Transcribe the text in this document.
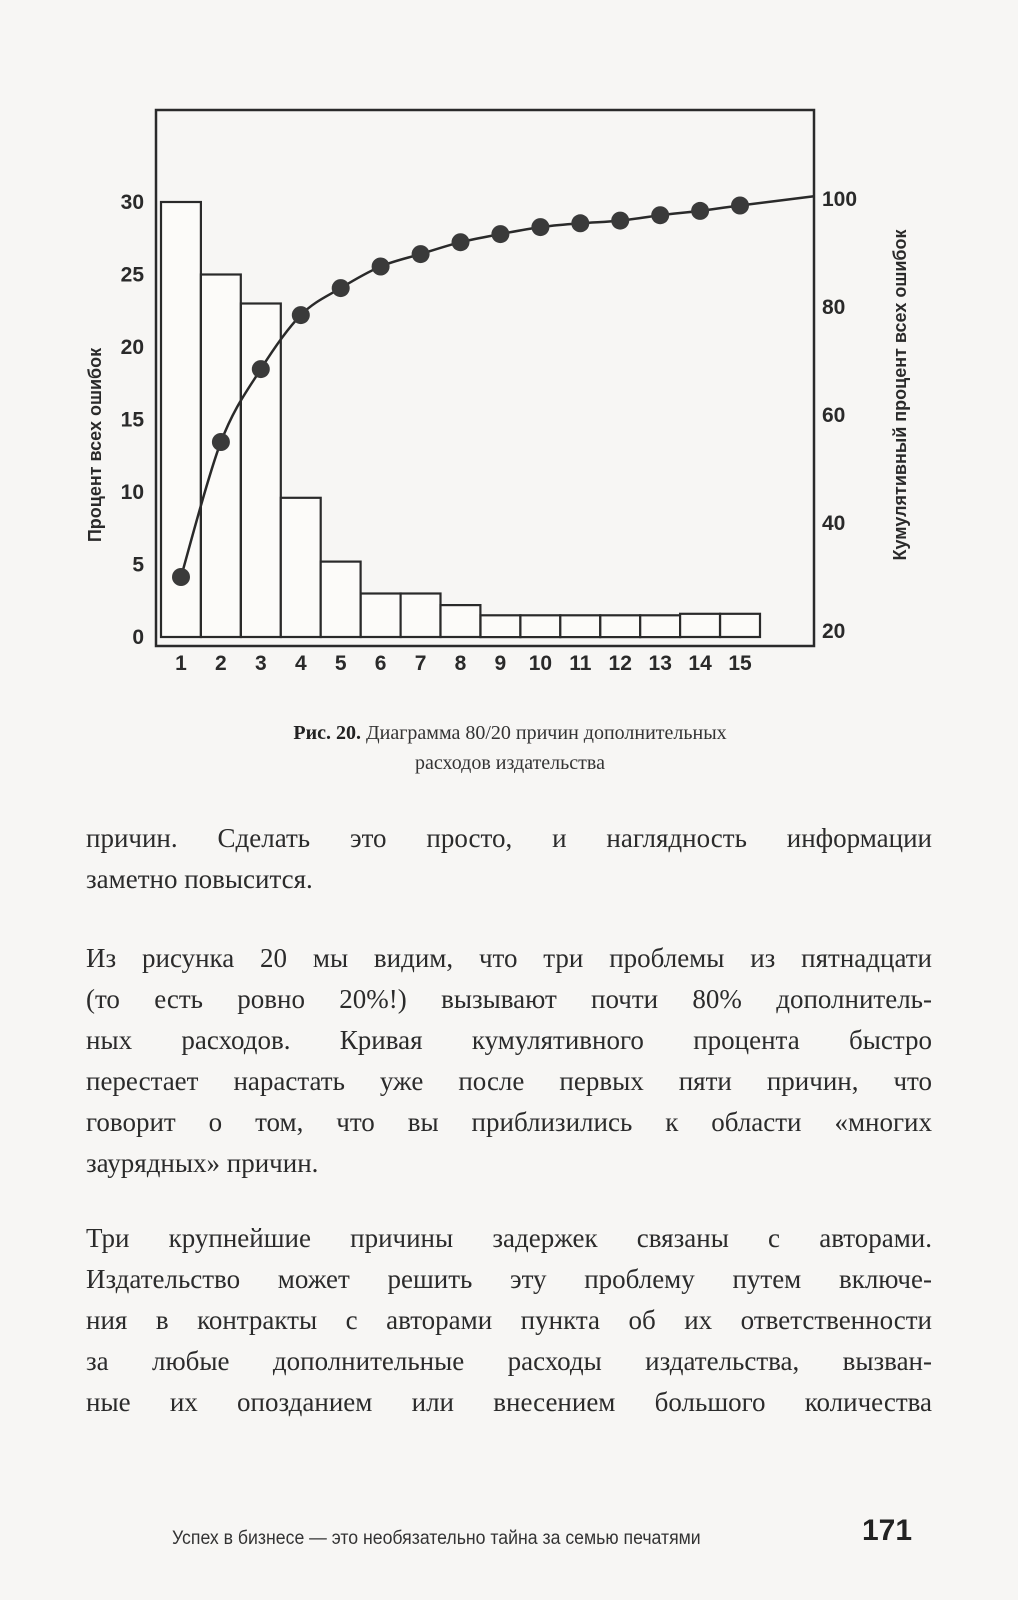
1 2 3 4 5 6 7 8 9 10 11 12 13 14 15
0
5
10
15
20
25
30
20
40
60
80
100
Процент всех ошибок	Кумулятивный процент всех ошибок
Рис. 20. Диаграмма 80/20 причин дополнительных
расходов издательства
причин. Сделать это просто, и наглядность информации
заметно повысится.
Из рисунка 20 мы видим, что три проблемы из пятнадцати
(то есть ровно 20%!) вызывают почти 80% дополнитель-
ных расходов. Кривая кумулятивного процента быстро
перестает нарастать уже после первых пяти причин, что
говорит о том, что вы приблизились к области «многих
заурядных» причин.
Три крупнейшие причины задержек связаны с авторами.
Издательство может решить эту проблему путем включе-
ния в контракты с авторами пункта об их ответственности
за любые дополнительные расходы издательства, вызван-
ные их опозданием или внесением большого количества
Успех в бизнесе — это необязательно тайна за семью печатями	171
